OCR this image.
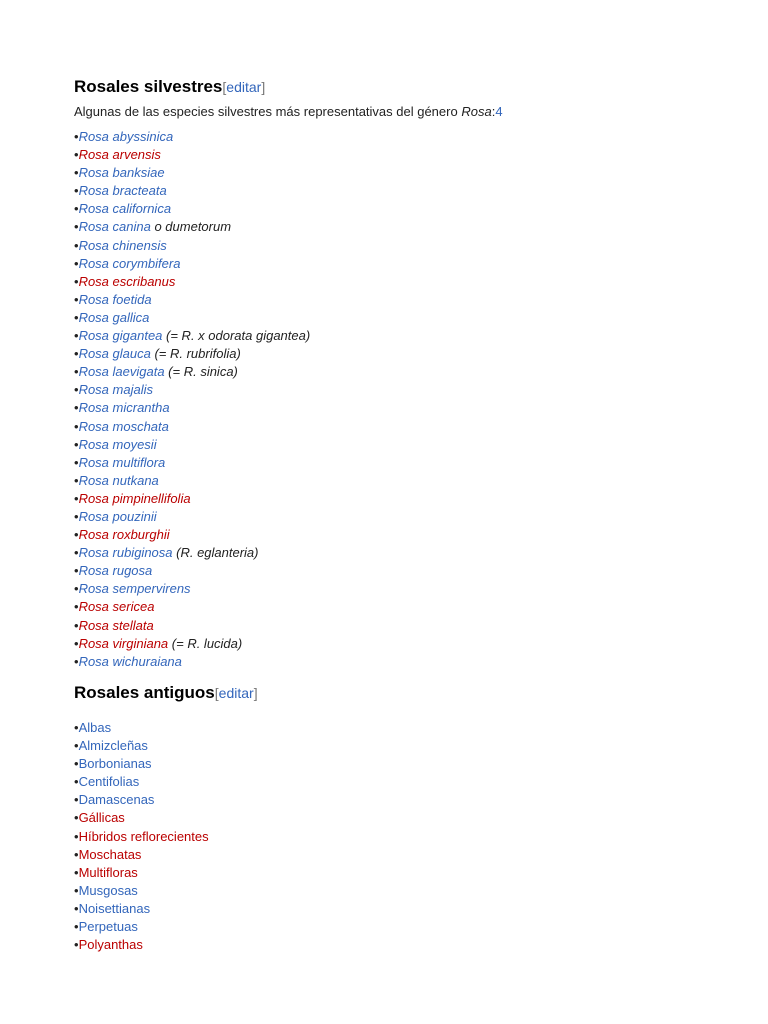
Rosales silvestres[editar]
Algunas de las especies silvestres más representativas del género Rosa:4
•Rosa abyssinica
•Rosa arvensis
•Rosa banksiae
•Rosa bracteata
•Rosa californica
•Rosa canina o dumetorum
•Rosa chinensis
•Rosa corymbifera
•Rosa escribanus
•Rosa foetida
•Rosa gallica
•Rosa gigantea (= R. x odorata gigantea)
•Rosa glauca (= R. rubrifolia)
•Rosa laevigata (= R. sinica)
•Rosa majalis
•Rosa micrantha
•Rosa moschata
•Rosa moyesii
•Rosa multiflora
•Rosa nutkana
•Rosa pimpinellifolia
•Rosa pouzinii
•Rosa roxburghii
•Rosa rubiginosa (R. eglanteria)
•Rosa rugosa
•Rosa sempervirens
•Rosa sericea
•Rosa stellata
•Rosa virginiana (= R. lucida)
•Rosa wichuraiana
Rosales antiguos[editar]
•Albas
•Almizcleñas
•Borbonianas
•Centifolias
•Damascenas
•Gállicas
•Híbridos reflorecientes
•Moschatas
•Multifloras
•Musgosas
•Noisettianas
•Perpetuas
•Polyanthas
